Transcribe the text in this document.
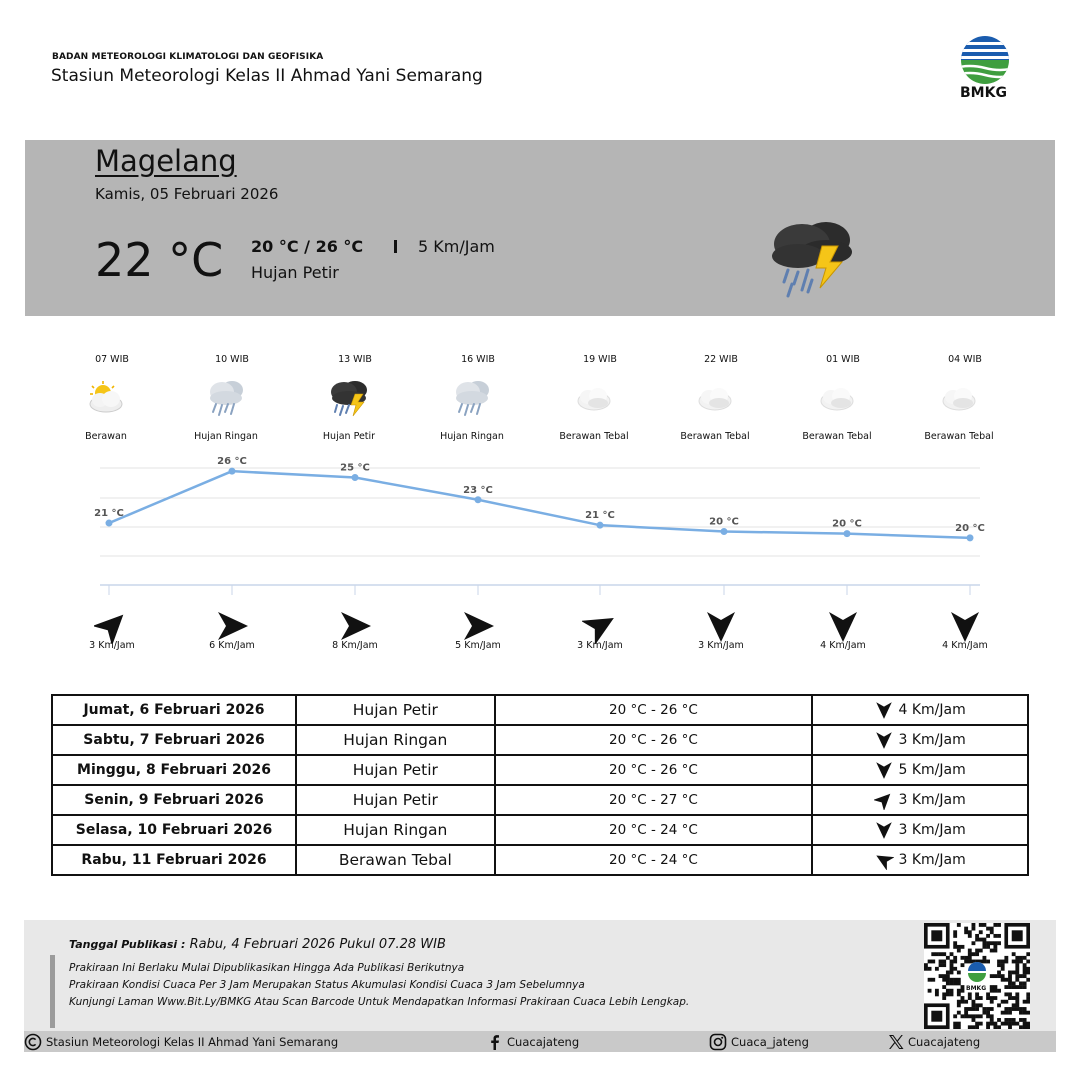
BADAN METEOROLOGI KLIMATOLOGI DAN GEOFISIKA
Stasiun Meteorologi Kelas II Ahmad Yani Semarang
BMKG
Magelang
Kamis, 05 Februari 2026
22 °C 20 °C / 26 °C	5 Km/Jam
Hujan Petir
07 WIB
Berawan
3 Km/Jam
10 WIB
Hujan Ringan
6 Km/Jam
13 WIB
Hujan Petir
8 Km/Jam
16 WIB
Hujan Ringan
5 Km/Jam
19 WIB
Berawan Tebal
3 Km/Jam
22 WIB
Berawan Tebal
3 Km/Jam
01 WIB
Berawan Tebal
4 Km/Jam
04 WIB
Berawan Tebal
4 Km/Jam
21 °C
26 °C
25 °C
23 °C
21 °C
20 °C	20 °C	20 °C
Jumat, 6 Februari 2026	Hujan Petir	20 °C - 26 °C	4 Km/Jam
Sabtu, 7 Februari 2026	Hujan Ringan	20 °C - 26 °C	3 Km/Jam
Minggu, 8 Februari 2026	Hujan Petir	20 °C - 26 °C	5 Km/Jam
Senin, 9 Februari 2026	Hujan Petir	20 °C - 27 °C	3 Km/Jam
Selasa, 10 Februari 2026	Hujan Ringan	20 °C - 24 °C	3 Km/Jam
Rabu, 11 Februari 2026	Berawan Tebal	20 °C - 24 °C	3 Km/Jam
Tanggal Publikasi : Rabu, 4 Februari 2026 Pukul 07.28 WIB
Prakiraan Ini Berlaku Mulai Dipublikasikan Hingga Ada Publikasi Berikutnya
Prakiraan Kondisi Cuaca Per 3 Jam Merupakan Status Akumulasi Kondisi Cuaca 3 Jam Sebelumnya
Kunjungi Laman Www.Bit.Ly/BMKG Atau Scan Barcode Untuk Mendapatkan Informasi Prakiraan Cuaca Lebih Lengkap.
BMKG
Stasiun Meteorologi Kelas II Ahmad Yani Semarang	Cuacajateng	Cuaca_jateng	Cuacajateng
